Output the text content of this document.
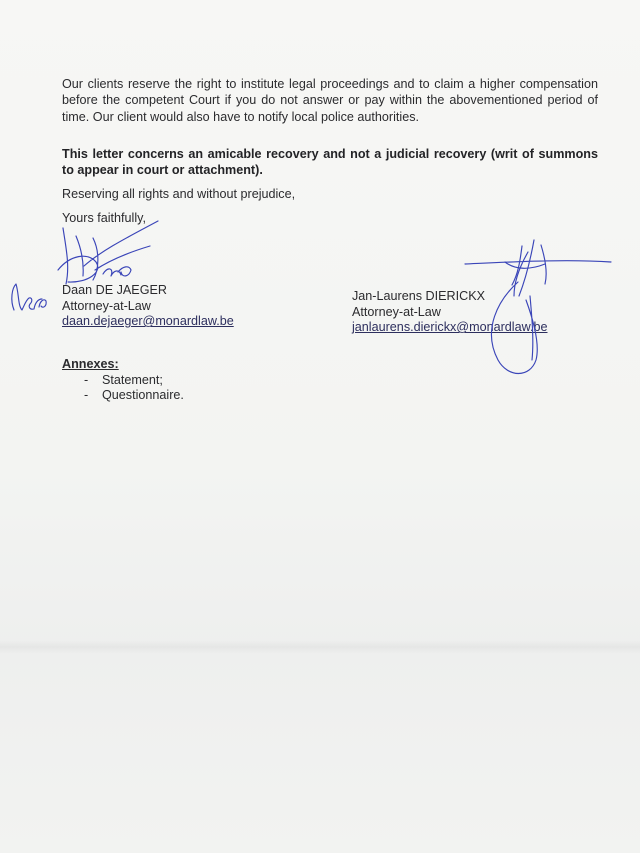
Our clients reserve the right to institute legal proceedings and to claim a higher compensation before the competent Court if you do not answer or pay within the abovementioned period of time. Our client would also have to notify local police authorities.

This letter concerns an amicable recovery and not a judicial recovery (writ of summons to appear in court or attachment).

Reserving all rights and without prejudice,

Yours faithfully,

Daan DE JAEGER
Attorney-at-Law
daan.dejaeger@monardlaw.be
Jan-Laurens DIERICKX
Attorney-at-Law
janlaurens.dierickx@monardlaw.be

Annexes:

-	Statement;
-	Questionnaire.
